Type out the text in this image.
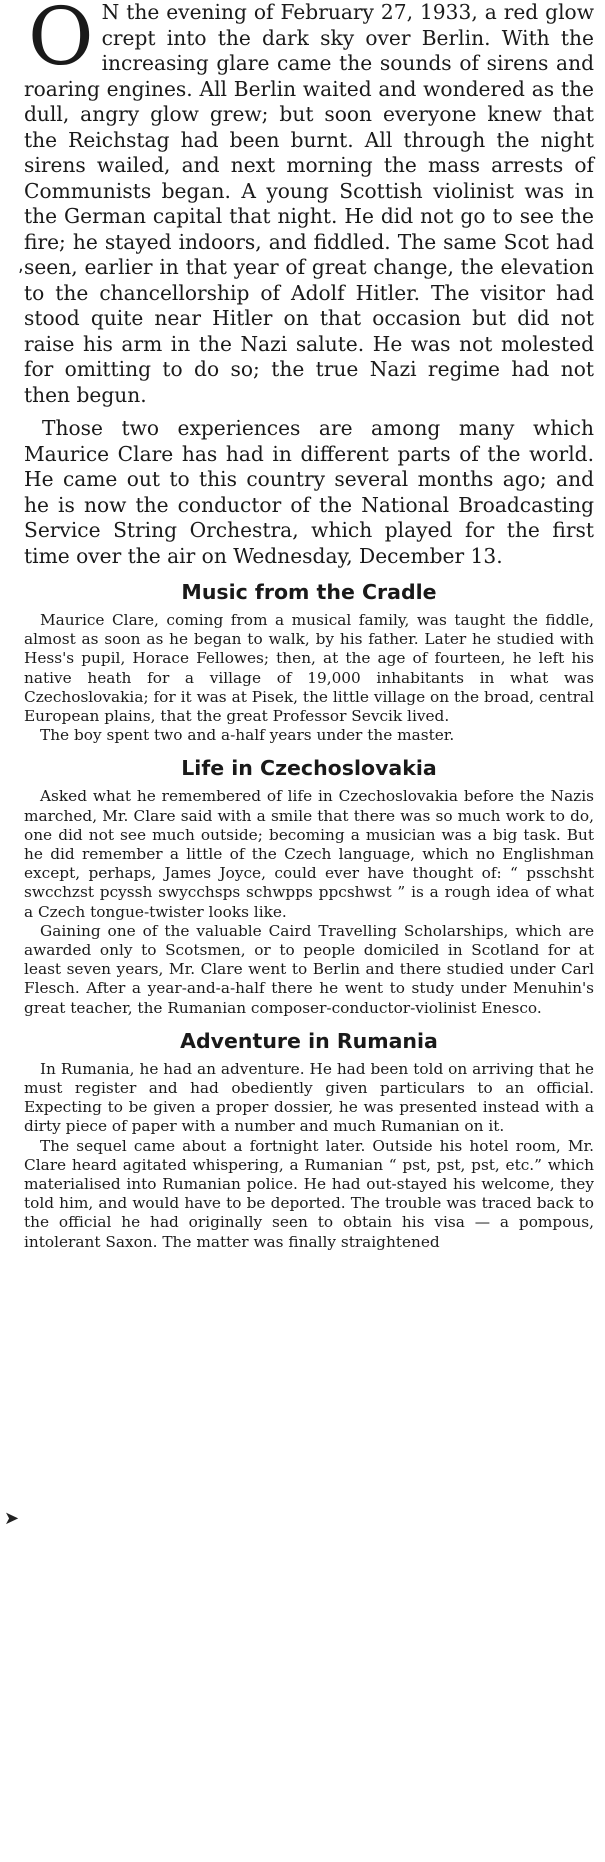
,
➤

O N the evening of February 27, 1933, a red glow crept into the dark sky over Berlin. With the increasing glare came the sounds of sirens and roaring engines. All Berlin waited and wondered as the dull, angry glow grew; but soon everyone knew that the Reichstag had been burnt. All through the night sirens wailed, and next morning the mass arrests of Communists began. A young Scottish violinist was in the German capital that night. He did not go to see the fire; he stayed indoors, and fiddled. The same Scot had seen, earlier in that year of great change, the elevation to the chancellorship of Adolf Hitler. The visitor had stood quite near Hitler on that occasion but did not raise his arm in the Nazi salute. He was not molested for omitting to do so; the true Nazi regime had not then begun.

Those two experiences are among many which Maurice Clare has had in different parts of the world. He came out to this country several months ago; and he is now the conductor of the National Broadcasting Service String Orchestra, which played for the first time over the air on Wednesday, December 13.

Music from the Cradle

Maurice Clare, coming from a musical family, was taught the fiddle, almost as soon as he began to walk, by his father. Later he studied with Hess's pupil, Horace Fellowes; then, at the age of fourteen, he left his native heath for a village of 19,000 inhabitants in what was Czechoslovakia; for it was at Pisek, the little village on the broad, central European plains, that the great Professor Sevcik lived.

The boy spent two and a-half years under the master.

Life in Czechoslovakia

Asked what he remembered of life in Czechoslovakia before the Nazis marched, Mr. Clare said with a smile that there was so much work to do, one did not see much outside; becoming a musician was a big task. But he did remember a little of the Czech language, which no Englishman except, perhaps, James Joyce, could ever have thought of: “ psschsht swcchzst pcyssh swycchsps schwpps ppcshwst ” is a rough idea of what a Czech tongue-twister looks like.

Gaining one of the valuable Caird Travelling Scholarships, which are awarded only to Scotsmen, or to people domiciled in Scotland for at least seven years, Mr. Clare went to Berlin and there studied under Carl Flesch. After a year-and-a-half there he went to study under Menuhin's great teacher, the Rumanian composer-conductor-violinist Enesco.

Adventure in Rumania

In Rumania, he had an adventure. He had been told on arriving that he must register and had obediently given particulars to an official. Expecting to be given a proper dossier, he was presented instead with a dirty piece of paper with a number and much Rumanian on it.

The sequel came about a fortnight later. Outside his hotel room, Mr. Clare heard agitated whispering, a Rumanian “ pst, pst, pst, etc.” which materialised into Rumanian police. He had out-stayed his welcome, they told him, and would have to be deported. The trouble was traced back to the official he had originally seen to obtain his visa — a pompous, intolerant Saxon. The matter was finally straightened
